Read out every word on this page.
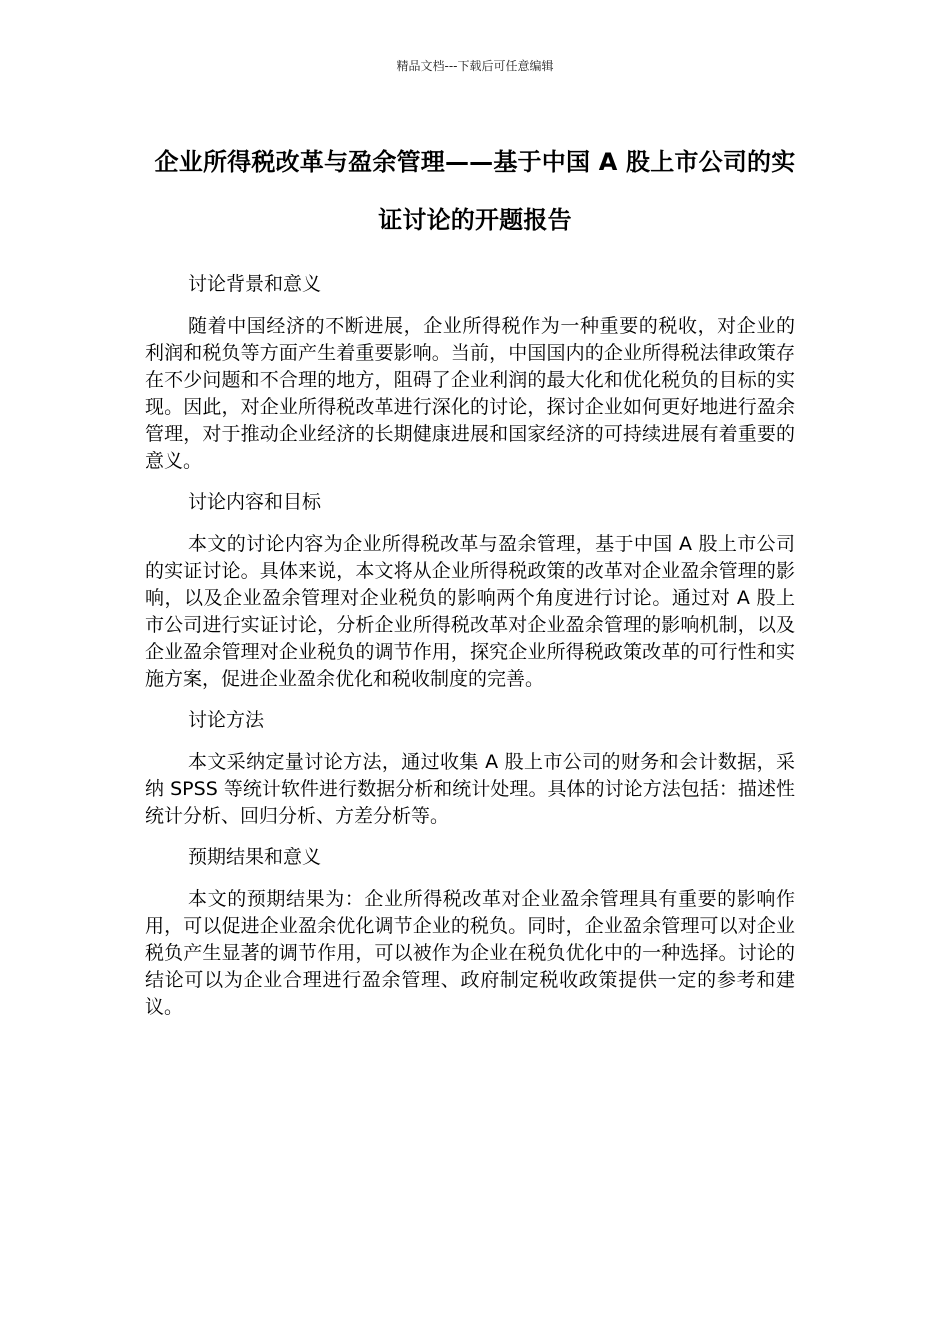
精品文档---下载后可任意编辑
企业所得税改革与盈余管理——基于中国 A 股上市公司的实证讨论的开题报告

讨论背景和意义

随着中国经济的不断进展，企业所得税作为一种重要的税收，对企业的利润和税负等方面产生着重要影响。当前，中国国内的企业所得税法律政策存在不少问题和不合理的地方，阻碍了企业利润的最大化和优化税负的目标的实现。因此，对企业所得税改革进行深化的讨论，探讨企业如何更好地进行盈余管理，对于推动企业经济的长期健康进展和国家经济的可持续进展有着重要的意义。

讨论内容和目标

本文的讨论内容为企业所得税改革与盈余管理，基于中国 A 股上市公司的实证讨论。具体来说，本文将从企业所得税政策的改革对企业盈余管理的影响，以及企业盈余管理对企业税负的影响两个角度进行讨论。通过对 A 股上市公司进行实证讨论，分析企业所得税改革对企业盈余管理的影响机制，以及企业盈余管理对企业税负的调节作用，探究企业所得税政策改革的可行性和实施方案，促进企业盈余优化和税收制度的完善。

讨论方法

本文采纳定量讨论方法，通过收集 A 股上市公司的财务和会计数据，采纳 SPSS 等统计软件进行数据分析和统计处理。具体的讨论方法包括：描述性统计分析、回归分析、方差分析等。

预期结果和意义

本文的预期结果为：企业所得税改革对企业盈余管理具有重要的影响作用，可以促进企业盈余优化调节企业的税负。同时，企业盈余管理可以对企业税负产生显著的调节作用，可以被作为企业在税负优化中的一种选择。讨论的结论可以为企业合理进行盈余管理、政府制定税收政策提供一定的参考和建议。
